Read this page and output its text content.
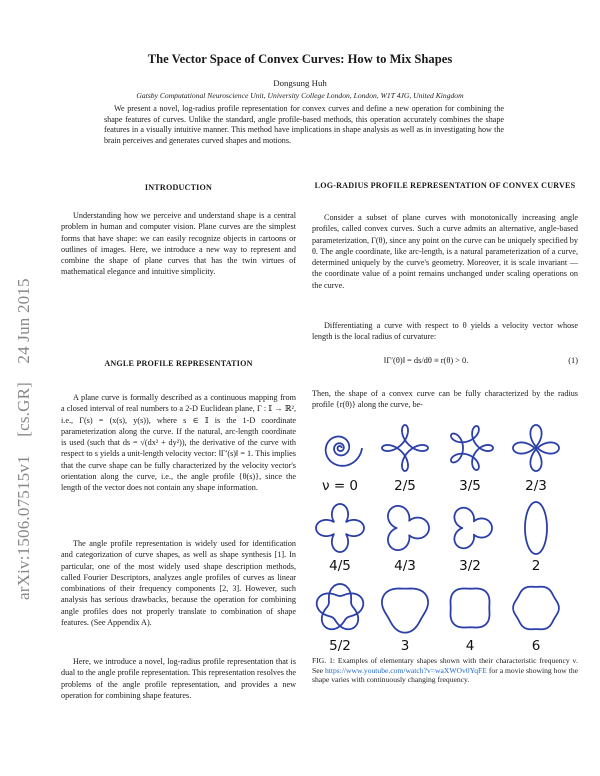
arXiv:1506.07515v1 [cs.GR] 24 Jun 2015
The Vector Space of Convex Curves: How to Mix Shapes
Dongsung Huh
Gatsby Computational Neuroscience Unit, University College London, London, W1T 4JG, United Kingdom
We present a novel, log-radius profile representation for convex curves and define a new operation for combining the shape features of curves. Unlike the standard, angle profile-based methods, this operation accurately combines the shape features in a visually intuitive manner. This method have implications in shape analysis as well as in investigating how the brain perceives and generates curved shapes and motions.
INTRODUCTION

Understanding how we perceive and understand shape is a central problem in human and computer vision. Plane curves are the simplest forms that have shape: we can easily recognize objects in cartoons or outlines of images. Here, we introduce a new way to represent and combine the shape of plane curves that has the twin virtues of mathematical elegance and intuitive simplicity.

ANGLE PROFILE REPRESENTATION

A plane curve is formally described as a continuous mapping from a closed interval of real numbers to a 2-D Euclidean plane, Γ : 𝕀 → ℝ², i.e., Γ(s) = (x(s), y(s)), where s ∈ 𝕀 is the 1-D coordinate parameterization along the curve. If the natural, arc-length coordinate is used (such that ds = √(dx² + dy²)), the derivative of the curve with respect to s yields a unit-length velocity vector: ‖Γ′(s)‖ = 1. This implies that the curve shape can be fully characterized by the velocity vector's orientation along the curve, i.e., the angle profile {θ(s)}, since the length of the vector does not contain any shape information.

The angle profile representation is widely used for identification and categorization of curve shapes, as well as shape synthesis [1]. In particular, one of the most widely used shape description methods, called Fourier Descriptors, analyzes angle profiles of curves as linear combinations of their frequency components [2, 3]. However, such analysis has serious drawbacks, because the operation for combining angle profiles does not properly translate to combination of shape features. (See Appendix A).

Here, we introduce a novel, log-radius profile representation that is dual to the angle profile representation. This representation resolves the problems of the angle profile representation, and provides a new operation for combining shape features.

LOG-RADIUS PROFILE REPRESENTATION OF CONVEX CURVES

Consider a subset of plane curves with monotonically increasing angle profiles, called convex curves. Such a curve admits an alternative, angle-based parameterization, Γ(θ), since any point on the curve can be uniquely specified by θ. The angle coordinate, like arc-length, is a natural parameterization of a curve, determined uniquely by the curve's geometry. Moreover, it is scale invariant — the coordinate value of a point remains unchanged under scaling operations on the curve.

Differentiating a curve with respect to θ yields a velocity vector whose length is the local radius of curvature:

‖Γ′(θ)‖ = ds/dθ ≡ r(θ) > 0.	(1)

Then, the shape of a convex curve can be fully characterized by the radius profile {r(θ)} along the curve, be-

ν = 0	2/5	3/5	2/3
4/5	4/3	3/2	2
5/2	3	4	6
FIG. 1: Examples of elementary shapes shown with their characteristic frequency ν. See https://www.youtube.com/watch?v=waXWOv0YqFE for a movie showing how the shape varies with continuously changing frequency.
